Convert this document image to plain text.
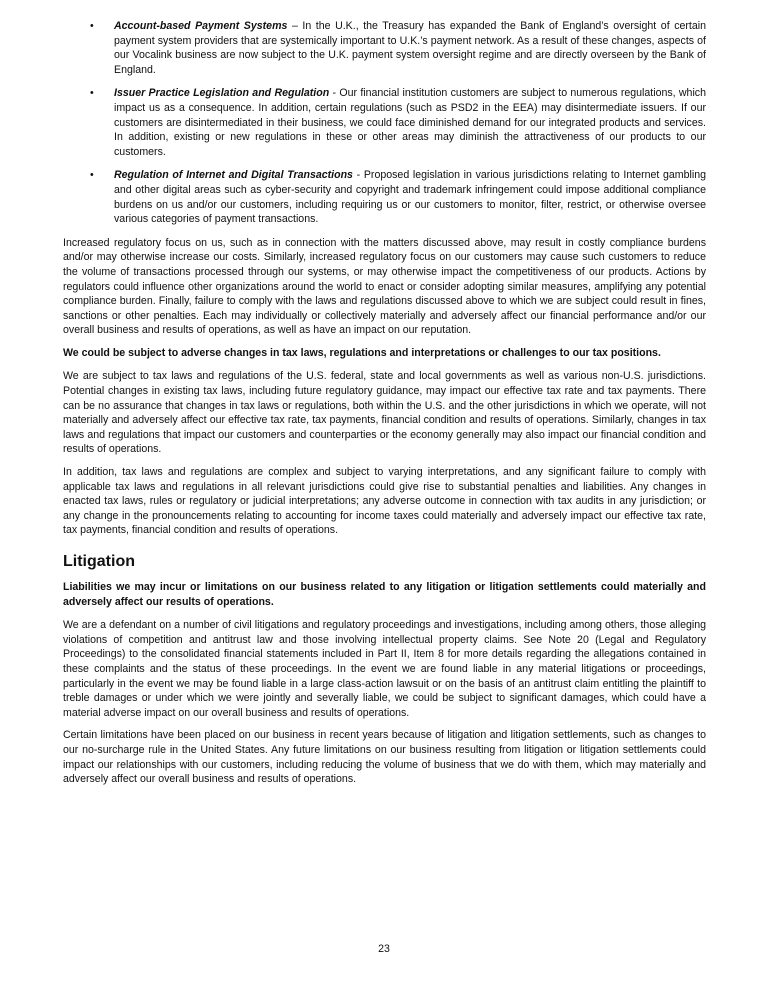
• Account-based Payment Systems – In the U.K., the Treasury has expanded the Bank of England’s oversight of certain payment system providers that are systemically important to U.K.’s payment network. As a result of these changes, aspects of our Vocalink business are now subject to the U.K. payment system oversight regime and are directly overseen by the Bank of England.
• Issuer Practice Legislation and Regulation - Our financial institution customers are subject to numerous regulations, which impact us as a consequence. In addition, certain regulations (such as PSD2 in the EEA) may disintermediate issuers. If our customers are disintermediated in their business, we could face diminished demand for our integrated products and services. In addition, existing or new regulations in these or other areas may diminish the attractiveness of our products to our customers.
• Regulation of Internet and Digital Transactions - Proposed legislation in various jurisdictions relating to Internet gambling and other digital areas such as cyber-security and copyright and trademark infringement could impose additional compliance burdens on us and/or our customers, including requiring us or our customers to monitor, filter, restrict, or otherwise oversee various categories of payment transactions.

Increased regulatory focus on us, such as in connection with the matters discussed above, may result in costly compliance burdens and/or may otherwise increase our costs. Similarly, increased regulatory focus on our customers may cause such customers to reduce the volume of transactions processed through our systems, or may otherwise impact the competitiveness of our products. Actions by regulators could influence other organizations around the world to enact or consider adopting similar measures, amplifying any potential compliance burden. Finally, failure to comply with the laws and regulations discussed above to which we are subject could result in fines, sanctions or other penalties. Each may individually or collectively materially and adversely affect our financial performance and/or our overall business and results of operations, as well as have an impact on our reputation.

We could be subject to adverse changes in tax laws, regulations and interpretations or challenges to our tax positions.

We are subject to tax laws and regulations of the U.S. federal, state and local governments as well as various non-U.S. jurisdictions. Potential changes in existing tax laws, including future regulatory guidance, may impact our effective tax rate and tax payments. There can be no assurance that changes in tax laws or regulations, both within the U.S. and the other jurisdictions in which we operate, will not materially and adversely affect our effective tax rate, tax payments, financial condition and results of operations. Similarly, changes in tax laws and regulations that impact our customers and counterparties or the economy generally may also impact our financial condition and results of operations.

In addition, tax laws and regulations are complex and subject to varying interpretations, and any significant failure to comply with applicable tax laws and regulations in all relevant jurisdictions could give rise to substantial penalties and liabilities. Any changes in enacted tax laws, rules or regulatory or judicial interpretations; any adverse outcome in connection with tax audits in any jurisdiction; or any change in the pronouncements relating to accounting for income taxes could materially and adversely impact our effective tax rate, tax payments, financial condition and results of operations.

Litigation

Liabilities we may incur or limitations on our business related to any litigation or litigation settlements could materially and adversely affect our results of operations.

We are a defendant on a number of civil litigations and regulatory proceedings and investigations, including among others, those alleging violations of competition and antitrust law and those involving intellectual property claims. See Note 20 (Legal and Regulatory Proceedings) to the consolidated financial statements included in Part II, Item 8 for more details regarding the allegations contained in these complaints and the status of these proceedings. In the event we are found liable in any material litigations or proceedings, particularly in the event we may be found liable in a large class-action lawsuit or on the basis of an antitrust claim entitling the plaintiff to treble damages or under which we were jointly and severally liable, we could be subject to significant damages, which could have a material adverse impact on our overall business and results of operations.

Certain limitations have been placed on our business in recent years because of litigation and litigation settlements, such as changes to our no-surcharge rule in the United States. Any future limitations on our business resulting from litigation or litigation settlements could impact our relationships with our customers, including reducing the volume of business that we do with them, which may materially and adversely affect our overall business and results of operations.

23
